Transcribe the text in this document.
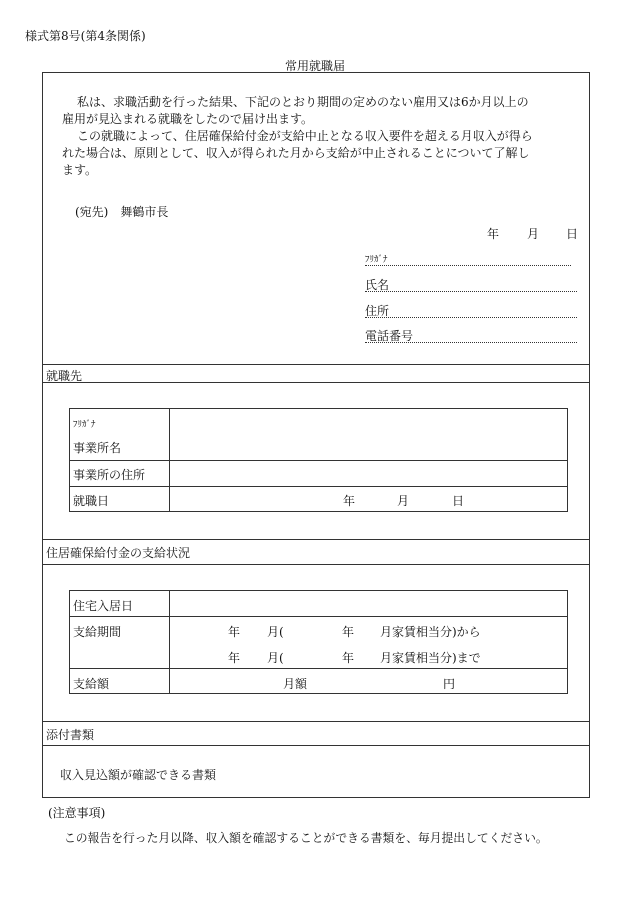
様式第8号(第4条関係)
常用就職届
私は、求職活動を行った結果、下記のとおり期間の定めのない雇用又は6か月以上の
雇用が見込まれる就職をしたので届け出ます。
この就職によって、住居確保給付金が支給中止となる収入要件を超える月収入が得ら
れた場合は、原則として、収入が得られた月から支給が中止されることについて了解し
ます。
(宛先)　舞鶴市長
年 月 日
ﾌﾘｶﾞﾅ
氏名
住所
電話番号
就職先
ﾌﾘｶﾞﾅ
事業所名
事業所の住所
就職日	年	月	日
住居確保給付金の支給状況
住宅入居日
支給期間	年 月(	年 月家賃相当分)から
年 月(	年 月家賃相当分)まで
支給額	月額	円
添付書類
収入見込額が確認できる書類
(注意事項)
この報告を行った月以降、収入額を確認することができる書類を、毎月提出してください。
